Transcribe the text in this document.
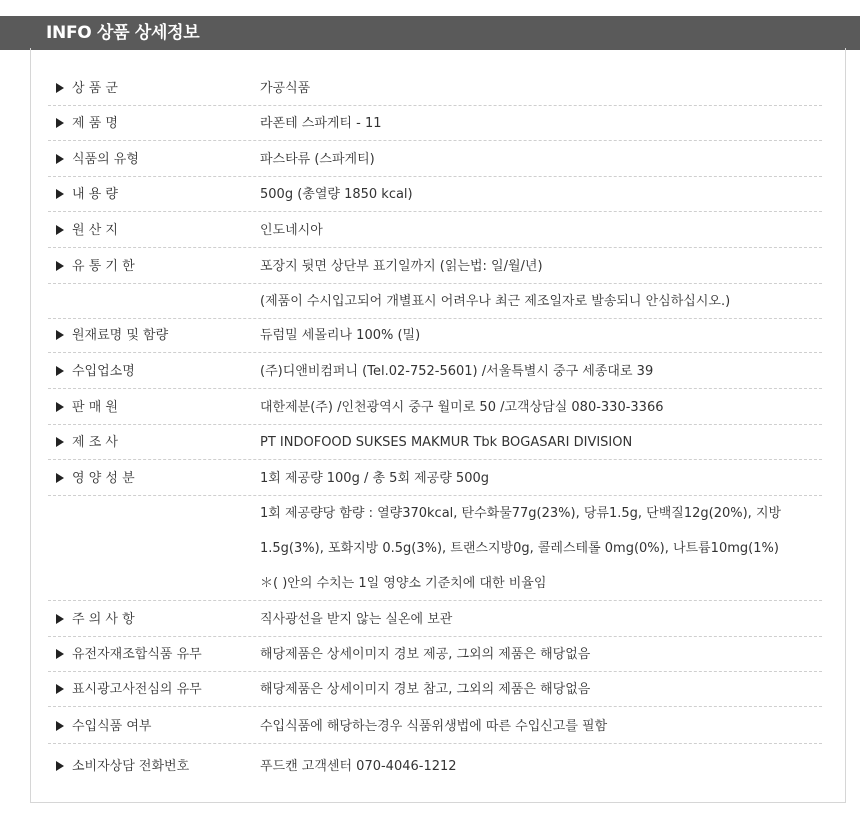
INFO 상품 상세정보
상 품 군	가공식품
제 품 명	라폰테 스파게티 - 11
식품의 유형	파스타류 (스파게티)
내 용 량	500g (총열량 1850 kcal)
원 산 지	인도네시아
유 통 기 한	포장지 뒷면 상단부 표기일까지 (읽는법: 일/월/년)
(제품이 수시입고되어 개별표시 어려우나 최근 제조일자로 발송되니 안심하십시오.)
원재료명 및 함량	듀럼밀 세몰리나 100% (밀)
수입업소명	(주)디앤비컴퍼니 (Tel.02-752-5601) /서울특별시 중구 세종대로 39
판 매 원	대한제분(주) /인천광역시 중구 월미로 50 /고객상담실 080-330-3366
제 조 사	PT INDOFOOD SUKSES MAKMUR Tbk BOGASARI DIVISION
영 양 성 분	1회 제공량 100g / 총 5회 제공량 500g
1회 제공량당 함량 : 열량370kcal, 탄수화물77g(23%), 당류1.5g, 단백질12g(20%), 지방
1.5g(3%), 포화지방 0.5g(3%), 트랜스지방0g, 콜레스테롤 0mg(0%), 나트륨10mg(1%)
＊( )안의 수치는 1일 영양소 기준치에 대한 비율임
주 의 사 항	직사광선을 받지 않는 실온에 보관
유전자재조합식품 유무	해당제품은 상세이미지 경보 제공, 그외의 제품은 해당없음
표시광고사전심의 유무	해당제품은 상세이미지 경보 참고, 그외의 제품은 해당없음
수입식품 여부	수입식품에 해당하는경우 식품위생법에 따른 수입신고를 필함
소비자상담 전화번호	푸드캔 고객센터 070-4046-1212
